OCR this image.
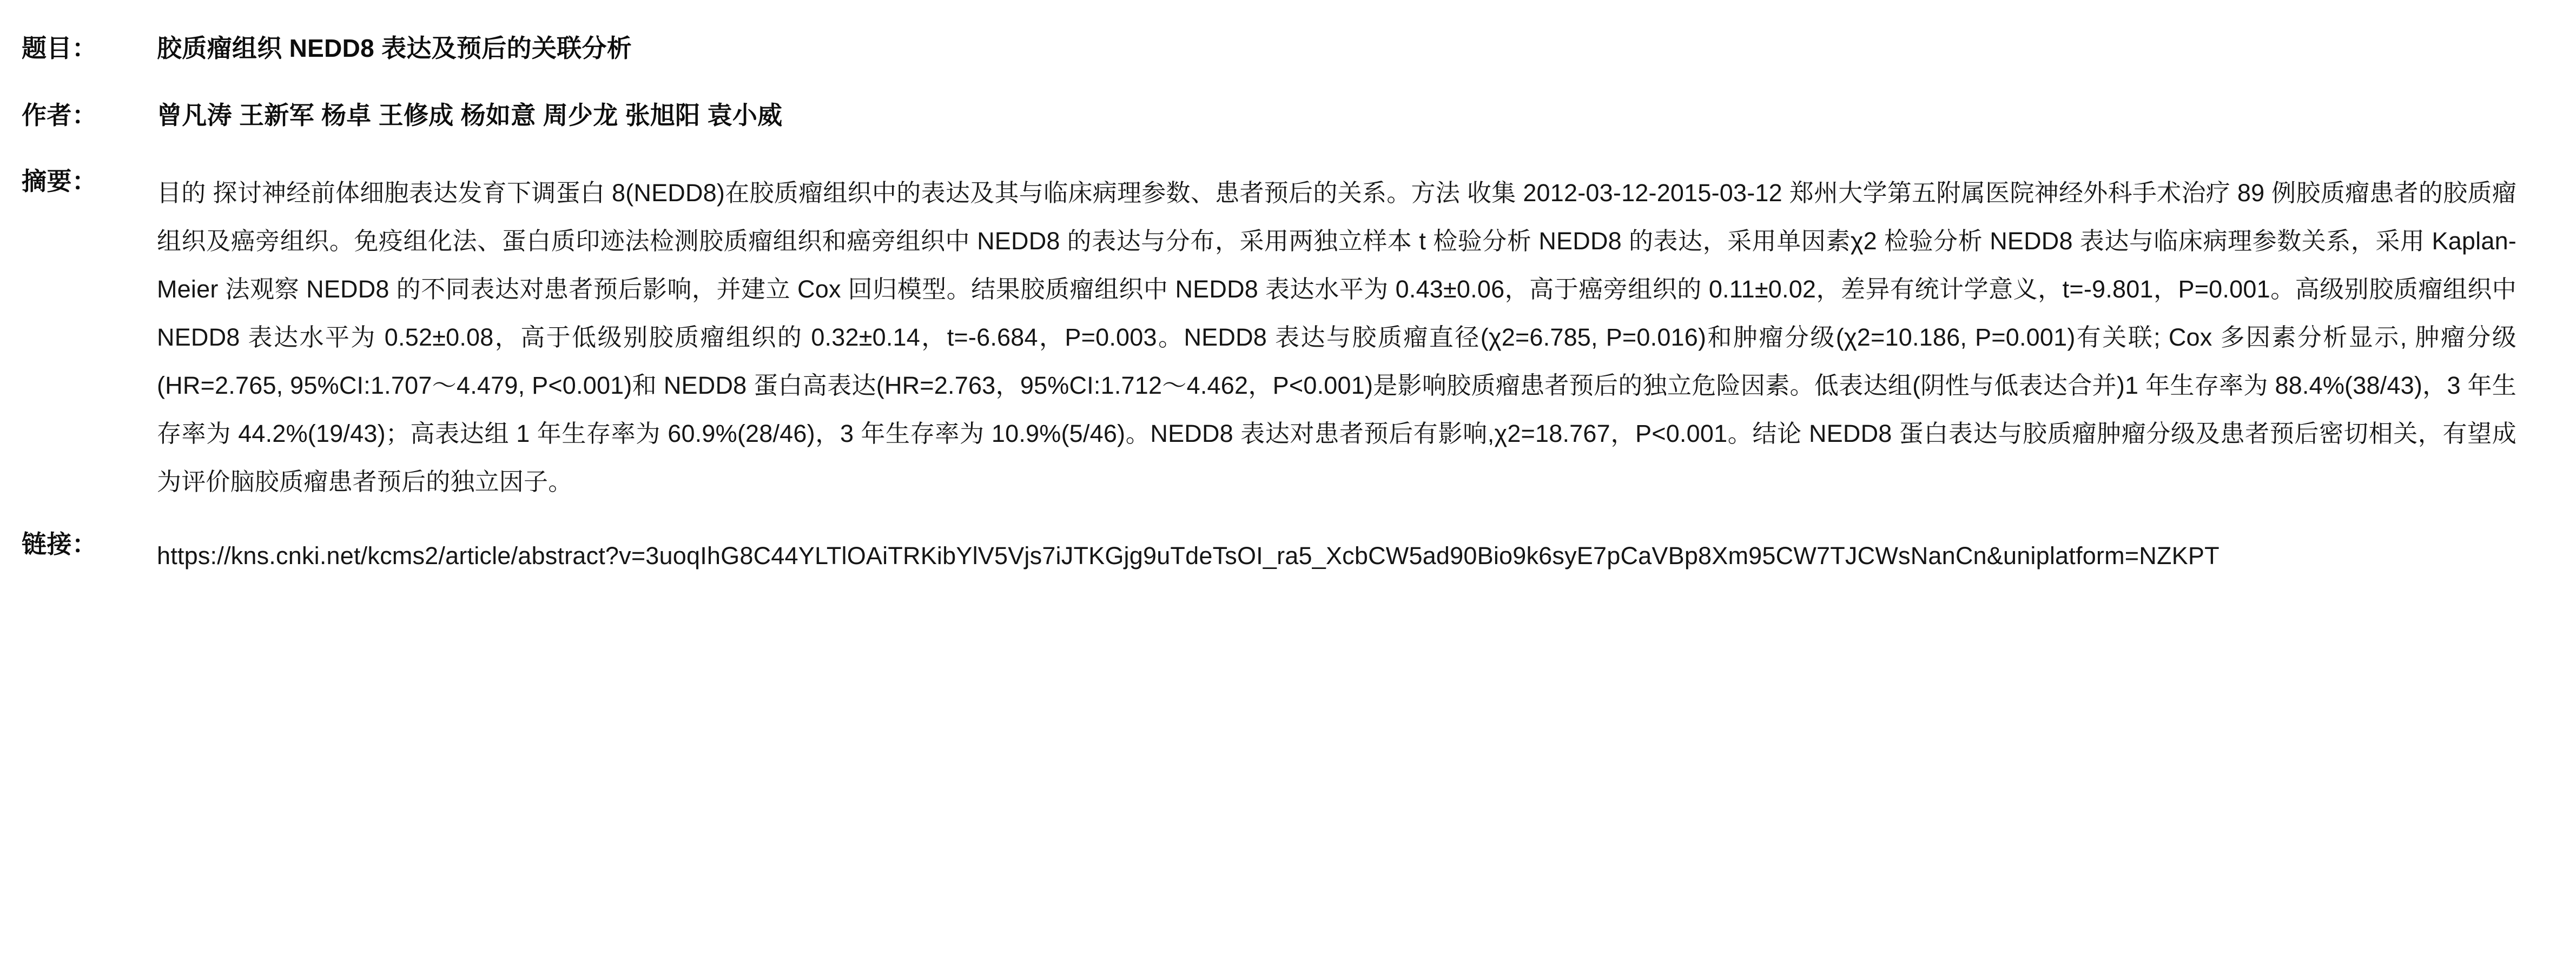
题目：	胶质瘤组织 NEDD8 表达及预后的关联分析
作者：	曾凡涛 王新军 杨卓 王修成 杨如意 周少龙 张旭阳 袁小威
摘要：	目的 探讨神经前体细胞表达发育下调蛋白 8(NEDD8)在胶质瘤组织中的表达及其与临床病理参数、患者预后的关系。方法 收集 2012-03-12-2015-03-12 郑州大学第五附属医院神经外科手术治疗 89 例胶质瘤患者的胶质瘤组织及癌旁组织。免疫组化法、蛋白质印迹法检测胶质瘤组织和癌旁组织中 NEDD8 的表达与分布，采用两独立样本 t 检验分析 NEDD8 的表达，采用单因素χ2 检验分析 NEDD8 表达与临床病理参数关系，采用 Kaplan-Meier 法观察 NEDD8 的不同表达对患者预后影响，并建立 Cox 回归模型。结果胶质瘤组织中 NEDD8 表达水平为 0.43±0.06，高于癌旁组织的 0.11±0.02，差异有统计学意义，t=-9.801，P=0.001。高级别胶质瘤组织中 NEDD8 表达水平为 0.52±0.08，高于低级别胶质瘤组织的 0.32±0.14，t=-6.684，P=0.003。NEDD8 表达与胶质瘤直径(χ2=6.785, P=0.016)和肿瘤分级(χ2=10.186, P=0.001)有关联; Cox 多因素分析显示, 肿瘤分级(HR=2.765, 95%CI:1.707～4.479, P<0.001)和 NEDD8 蛋白高表达(HR=2.763，95%CI:1.712～4.462，P<0.001)是影响胶质瘤患者预后的独立危险因素。低表达组(阴性与低表达合并)1 年生存率为 88.4%(38/43)，3 年生存率为 44.2%(19/43)；高表达组 1 年生存率为 60.9%(28/46)，3 年生存率为 10.9%(5/46)。NEDD8 表达对患者预后有影响,χ2=18.767，P<0.001。结论 NEDD8 蛋白表达与胶质瘤肿瘤分级及患者预后密切相关，有望成为评价脑胶质瘤患者预后的独立因子。
链接：	https://kns.cnki.net/kcms2/article/abstract?v=3uoqIhG8C44YLTlOAiTRKibYlV5Vjs7iJTKGjg9uTdeTsOI_ra5_XcbCW5ad90Bio9k6syE7pCaVBp8Xm95CW7TJCWsNanCn&uniplatform=NZKPT
